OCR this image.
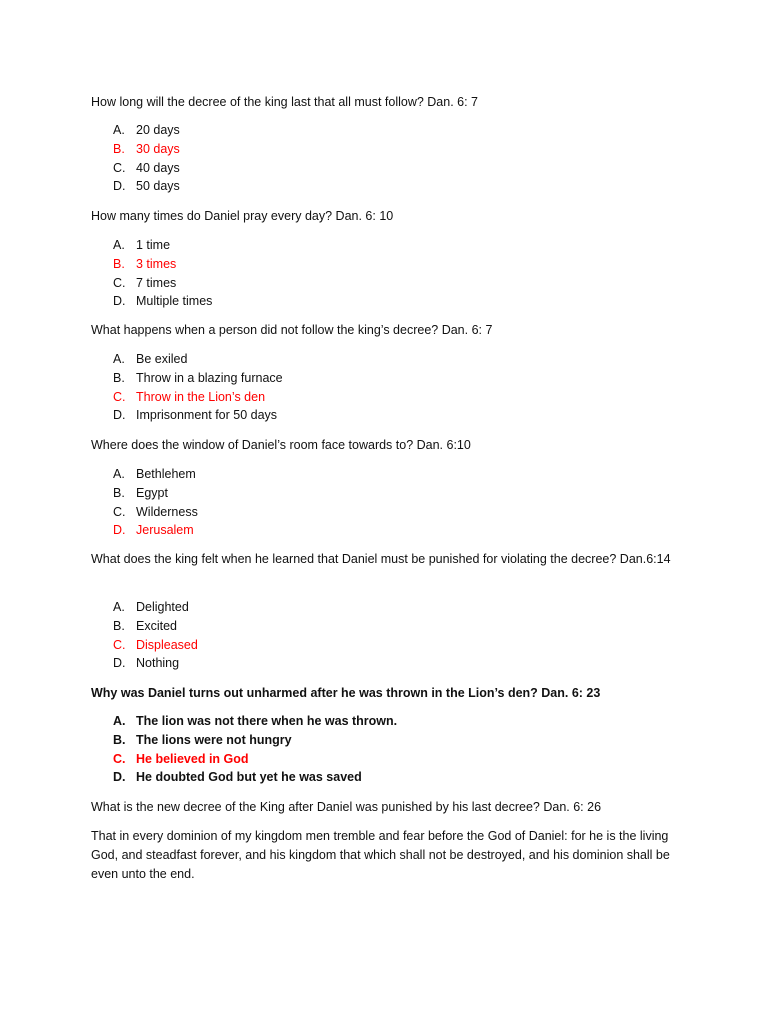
How long will the decree of the king last that all must follow? Dan. 6: 7
A. 20 days
B. 30 days
C. 40 days
D. 50 days
How many times do Daniel pray every day? Dan. 6: 10
A. 1 time
B. 3 times
C. 7 times
D. Multiple times
What happens when a person did not follow the king’s decree? Dan. 6: 7
A. Be exiled
B. Throw in a blazing furnace
C. Throw in the Lion’s den
D. Imprisonment for 50 days
Where does the window of Daniel’s room face towards to? Dan. 6:10
A. Bethlehem
B. Egypt
C. Wilderness
D. Jerusalem
What does the king felt when he learned that Daniel must be punished for violating the decree? Dan.6:14
A. Delighted
B. Excited
C. Displeased
D. Nothing
Why was Daniel turns out unharmed after he was thrown in the Lion’s den? Dan. 6: 23
A. The lion was not there when he was thrown.
B. The lions were not hungry
C. He believed in God
D. He doubted God but yet he was saved
What is the new decree of the King after Daniel was punished by his last decree? Dan. 6: 26
That in every dominion of my kingdom men tremble and fear before the God of Daniel: for he is the living God, and steadfast forever, and his kingdom that which shall not be destroyed, and his dominion shall be even unto the end.
